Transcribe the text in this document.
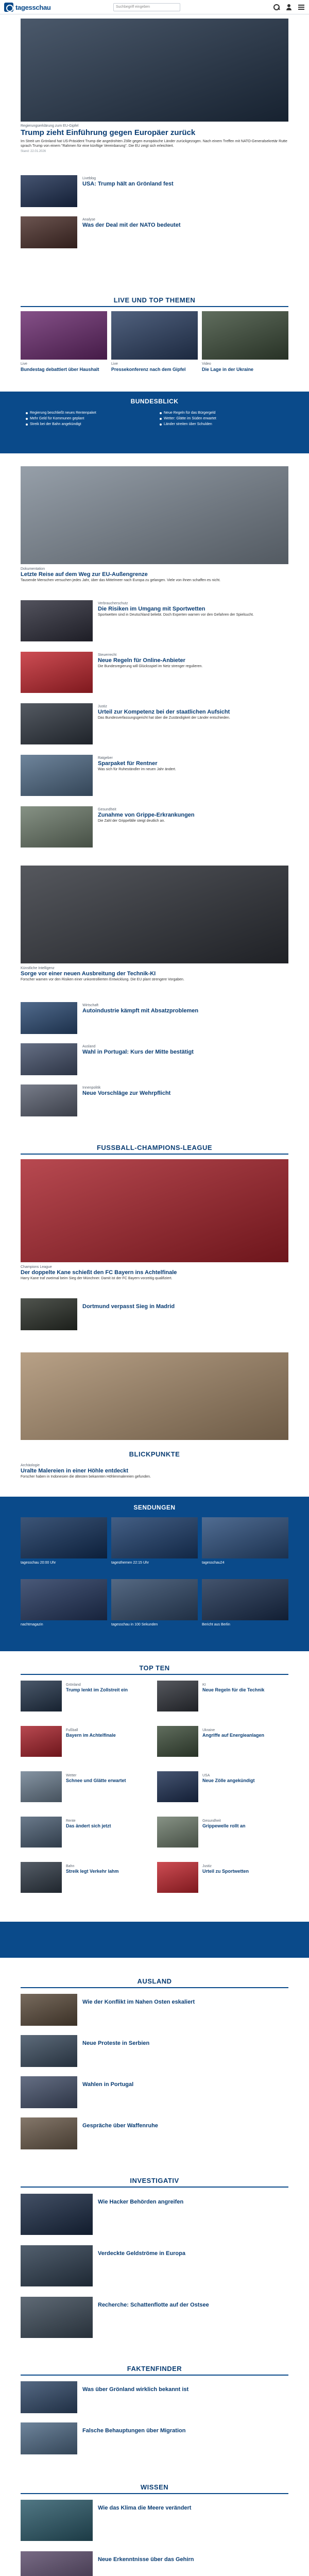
tagesschau	Suchbegriff eingeben
Regierungserklärung zum EU-Gipfel
Trump zieht Einführung gegen Europäer zurück
Im Streit um Grönland hat US-Präsident Trump die angedrohten Zölle gegen europäische Länder zurückgezogen. Nach einem Treffen mit NATO-Generalsekretär Rutte sprach Trump von einem "Rahmen für eine künftige Vereinbarung". Die EU zeigt sich erleichtert.
Stand: 22.01.2026
Liveblog
USA: Trump hält an Grönland fest
Analyse
Was der Deal mit der NATO bedeutet
LIVE UND TOP THEMEN
Live
Bundestag debattiert über Haushalt
Live
Pressekonferenz nach dem Gipfel
Video
Die Lage in der Ukraine
BUNDESBLICK
Regierung beschließt neues Rentenpaket
Mehr Geld für Kommunen geplant
Streik bei der Bahn angekündigt
Neue Regeln für das Bürgergeld
Wetter: Glätte im Süden erwartet
Länder streiten über Schulden
Dokumentation
Letzte Reise auf dem Weg zur EU-Außengrenze
Tausende Menschen versuchen jedes Jahr, über das Mittelmeer nach Europa zu gelangen. Viele von ihnen schaffen es nicht.
Verbraucherschutz
Die Risiken im Umgang mit Sportwetten
Sportwetten sind in Deutschland beliebt. Doch Experten warnen vor den Gefahren der Spielsucht.
Steuerrecht
Neue Regeln für Online-Anbieter
Die Bundesregierung will Glücksspiel im Netz strenger regulieren.
Justiz
Urteil zur Kompetenz bei der staatlichen Aufsicht
Das Bundesverfassungsgericht hat über die Zuständigkeit der Länder entschieden.
Ratgeber
Sparpaket für Rentner
Was sich für Ruheständler im neuen Jahr ändert.
Gesundheit
Zunahme von Grippe-Erkrankungen
Die Zahl der Grippefälle steigt deutlich an.
Künstliche Intelligenz
Sorge vor einer neuen Ausbreitung der Technik-KI
Forscher warnen vor den Risiken einer unkontrollierten Entwicklung. Die EU plant strengere Vorgaben.
Wirtschaft
Autoindustrie kämpft mit Absatzproblemen
Ausland
Wahl in Portugal: Kurs der Mitte bestätigt
Innenpolitik
Neue Vorschläge zur Wehrpflicht
FUSSBALL-CHAMPIONS-LEAGUE
Champions League
Der doppelte Kane schießt den FC Bayern ins Achtelfinale
Harry Kane traf zweimal beim Sieg der Münchner. Damit ist der FC Bayern vorzeitig qualifiziert.
Dortmund verpasst Sieg in Madrid
BLICKPUNKTE
Archäologie
Uralte Malereien in einer Höhle entdeckt
Forscher haben in Indonesien die ältesten bekannten Höhlenmalereien gefunden.
SENDUNGEN
tagesschau 20:00 Uhr	tagesthemen 22:15 Uhr	tagesschau24
nachtmagazin	tagesschau in 100 Sekunden	Bericht aus Berlin
TOP TEN
Grönland
Trump lenkt im Zollstreit ein
Fußball
Bayern im Achtelfinale
Wetter
Schnee und Glätte erwartet
Rente
Das ändert sich jetzt
Bahn
Streik legt Verkehr lahm
KI
Neue Regeln für die Technik
Ukraine
Angriffe auf Energieanlagen
USA
Neue Zölle angekündigt
Gesundheit
Grippewelle rollt an
Justiz
Urteil zu Sportwetten
AUSLAND
Wie der Konflikt im Nahen Osten eskaliert
Neue Proteste in Serbien
Wahlen in Portugal
Gespräche über Waffenruhe
INVESTIGATIV
Wie Hacker Behörden angreifen
Verdeckte Geldströme in Europa
Recherche: Schattenflotte auf der Ostsee
FAKTENFINDER
Was über Grönland wirklich bekannt ist
Falsche Behauptungen über Migration
WISSEN
Wie das Klima die Meere verändert
Neue Erkenntnisse über das Gehirn
